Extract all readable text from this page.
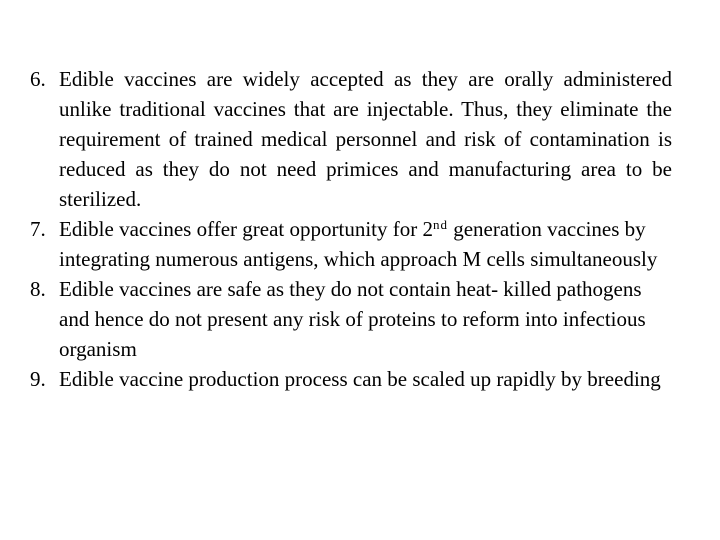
6. Edible vaccines are widely accepted as they are orally administered unlike traditional vaccines that are injectable. Thus, they eliminate the requirement of trained medical personnel and risk of contamination is reduced as they do not need primices and manufacturing area to be sterilized.
7. Edible vaccines offer great opportunity for 2nd generation vaccines by integrating numerous antigens, which approach M cells simultaneously
8. Edible vaccines are safe as they do not contain heat- killed pathogens and hence do not present any risk of proteins to reform into infectious organism
9. Edible vaccine production process can be scaled up rapidly by breeding
